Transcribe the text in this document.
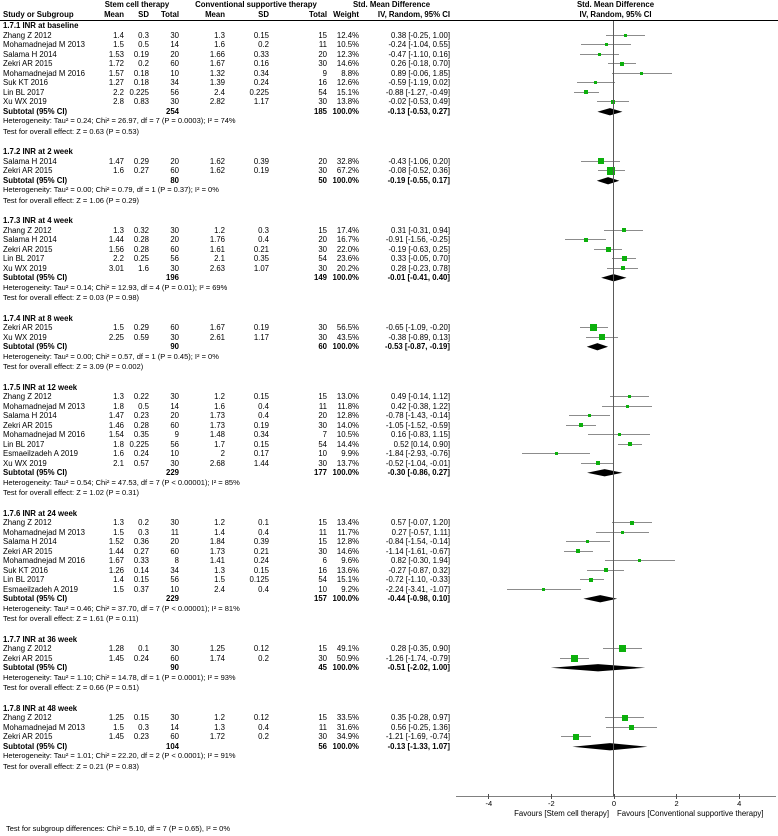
Stem cell therapy	Conventional supportive therapy	Std. Mean Difference	Std. Mean Difference
Study or Subgroup	Mean	SD	Total	Mean	SD	Total Weight	IV, Random, 95% CI	IV, Random, 95% CI
1.7.1 INR at baseline
Zhang Z 2012	1.4	0.3	30	1.3	0.15	15	12.4%	0.38 [-0.25, 1.00]
Mohamadnejad M 2013	1.5	0.5	14	1.6	0.2	11	10.5%	-0.24 [-1.04, 0.55]
Salama H 2014	1.53	0.19	20	1.66	0.33	20	12.3%	-0.47 [-1.10, 0.16]
Zekri AR 2015	1.72	0.2	60	1.67	0.16	30	14.6%	0.26 [-0.18, 0.70]
Mohamadnejad M 2016	1.57	0.18	10	1.32	0.34	9	8.8%	0.89 [-0.06, 1.85]
Suk KT 2016	1.27	0.18	34	1.39	0.24	16	12.6%	-0.59 [-1.19, 0.02]
Lin BL 2017	2.2 0.225	56	2.4	0.225	54	15.1%	-0.88 [-1.27, -0.49]
Xu WX 2019	2.8	0.83	30	2.82	1.17	30	13.8%	-0.02 [-0.53, 0.49]
Subtotal (95% CI)	254	185 100.0%	-0.13 [-0.53, 0.27]
Heterogeneity: Tau² = 0.24; Chi² = 26.97, df = 7 (P = 0.0003); I² = 74%
Test for overall effect: Z = 0.63 (P = 0.53)
1.7.2 INR at 2 week
Salama H 2014	1.47	0.29	20	1.62	0.39	20	32.8%	-0.43 [-1.06, 0.20]
Zekri AR 2015	1.6	0.27	60	1.62	0.19	30	67.2%	-0.08 [-0.52, 0.36]
Subtotal (95% CI)	80	50 100.0%	-0.19 [-0.55, 0.17]
Heterogeneity: Tau² = 0.00; Chi² = 0.79, df = 1 (P = 0.37); I² = 0%
Test for overall effect: Z = 1.06 (P = 0.29)
1.7.3 INR at 4 week
Zhang Z 2012	1.3	0.32	30	1.2	0.3	15	17.4%	0.31 [-0.31, 0.94]
Salama H 2014	1.44	0.28	20	1.76	0.4	20	16.7%	-0.91 [-1.56, -0.25]
Zekri AR 2015	1.56	0.28	60	1.61	0.21	30	22.0%	-0.19 [-0.63, 0.25]
Lin BL 2017	2.2	0.25	56	2.1	0.35	54	23.6%	0.33 [-0.05, 0.70]
Xu WX 2019	3.01	1.6	30	2.63	1.07	30	20.2%	0.28 [-0.23, 0.78]
Subtotal (95% CI)	196	149 100.0%	-0.01 [-0.41, 0.40]
Heterogeneity: Tau² = 0.14; Chi² = 12.93, df = 4 (P = 0.01); I² = 69%
Test for overall effect: Z = 0.03 (P = 0.98)
1.7.4 INR at 8 week
Zekri AR 2015	1.5	0.29	60	1.67	0.19	30	56.5%	-0.65 [-1.09, -0.20]
Xu WX 2019	2.25	0.59	30	2.61	1.17	30	43.5%	-0.38 [-0.89, 0.13]
Subtotal (95% CI)	90	60 100.0%	-0.53 [-0.87, -0.19]
Heterogeneity: Tau² = 0.00; Chi² = 0.57, df = 1 (P = 0.45); I² = 0%
Test for overall effect: Z = 3.09 (P = 0.002)
1.7.5 INR at 12 week
Zhang Z 2012	1.3	0.22	30	1.2	0.15	15	13.0%	0.49 [-0.14, 1.12]
Mohamadnejad M 2013	1.8	0.5	14	1.6	0.4	11	11.8%	0.42 [-0.38, 1.22]
Salama H 2014	1.47	0.23	20	1.73	0.4	20	12.8%	-0.78 [-1.43, -0.14]
Zekri AR 2015	1.46	0.28	60	1.73	0.19	30	14.0%	-1.05 [-1.52, -0.59]
Mohamadnejad M 2016	1.54	0.35	9	1.48	0.34	7	10.5%	0.16 [-0.83, 1.15]
Lin BL 2017	1.8 0.225	56	1.7	0.15	54	14.4%	0.52 [0.14, 0.90]
Esmaeilzadeh A 2019	1.6	0.24	10	2	0.17	10	9.9%	-1.84 [-2.93, -0.76]
Xu WX 2019	2.1	0.57	30	2.68	1.44	30	13.7%	-0.52 [-1.04, -0.01]
Subtotal (95% CI)	229	177 100.0%	-0.30 [-0.86, 0.27]
Heterogeneity: Tau² = 0.54; Chi² = 47.53, df = 7 (P < 0.00001); I² = 85%
Test for overall effect: Z = 1.02 (P = 0.31)
1.7.6 INR at 24 week
Zhang Z 2012	1.3	0.2	30	1.2	0.1	15	13.4%	0.57 [-0.07, 1.20]
Mohamadnejad M 2013	1.5	0.3	11	1.4	0.4	11	11.7%	0.27 [-0.57, 1.11]
Salama H 2014	1.52	0.36	20	1.84	0.39	15	12.8%	-0.84 [-1.54, -0.14]
Zekri AR 2015	1.44	0.27	60	1.73	0.21	30	14.6%	-1.14 [-1.61, -0.67]
Mohamadnejad M 2016	1.67	0.33	8	1.41	0.24	6	9.6%	0.82 [-0.30, 1.94]
Suk KT 2016	1.26	0.14	34	1.3	0.15	16	13.6%	-0.27 [-0.87, 0.32]
Lin BL 2017	1.4	0.15	56	1.5	0.125	54	15.1%	-0.72 [-1.10, -0.33]
Esmaeilzadeh A 2019	1.5	0.37	10	2.4	0.4	10	9.2%	-2.24 [-3.41, -1.07]
Subtotal (95% CI)	229	157 100.0%	-0.44 [-0.98, 0.10]
Heterogeneity: Tau² = 0.46; Chi² = 37.70, df = 7 (P < 0.00001); I² = 81%
Test for overall effect: Z = 1.61 (P = 0.11)
1.7.7 INR at 36 week
Zhang Z 2012	1.28	0.1	30	1.25	0.12	15	49.1%	0.28 [-0.35, 0.90]
Zekri AR 2015	1.45	0.24	60	1.74	0.2	30	50.9%	-1.26 [-1.74, -0.79]
Subtotal (95% CI)	90	45 100.0%	-0.51 [-2.02, 1.00]
Heterogeneity: Tau² = 1.10; Chi² = 14.78, df = 1 (P = 0.0001); I² = 93%
Test for overall effect: Z = 0.66 (P = 0.51)
1.7.8 INR at 48 week
Zhang Z 2012	1.25	0.15	30	1.2	0.12	15	33.5%	0.35 [-0.28, 0.97]
Mohamadnejad M 2013	1.5	0.3	14	1.3	0.4	11	31.6%	0.56 [-0.25, 1.36]
Zekri AR 2015	1.45	0.23	60	1.72	0.2	30	34.9%	-1.21 [-1.69, -0.74]
Subtotal (95% CI)	104	56 100.0%	-0.13 [-1.33, 1.07]
Heterogeneity: Tau² = 1.01; Chi² = 22.20, df = 2 (P < 0.0001); I² = 91%
Test for overall effect: Z = 0.21 (P = 0.83)
-4	-2	0	2	4
Favours [Stem cell therapy] Favours [Conventional supportive therapy]
Test for subgroup differences: Chi² = 5.10, df = 7 (P = 0.65), I² = 0%
